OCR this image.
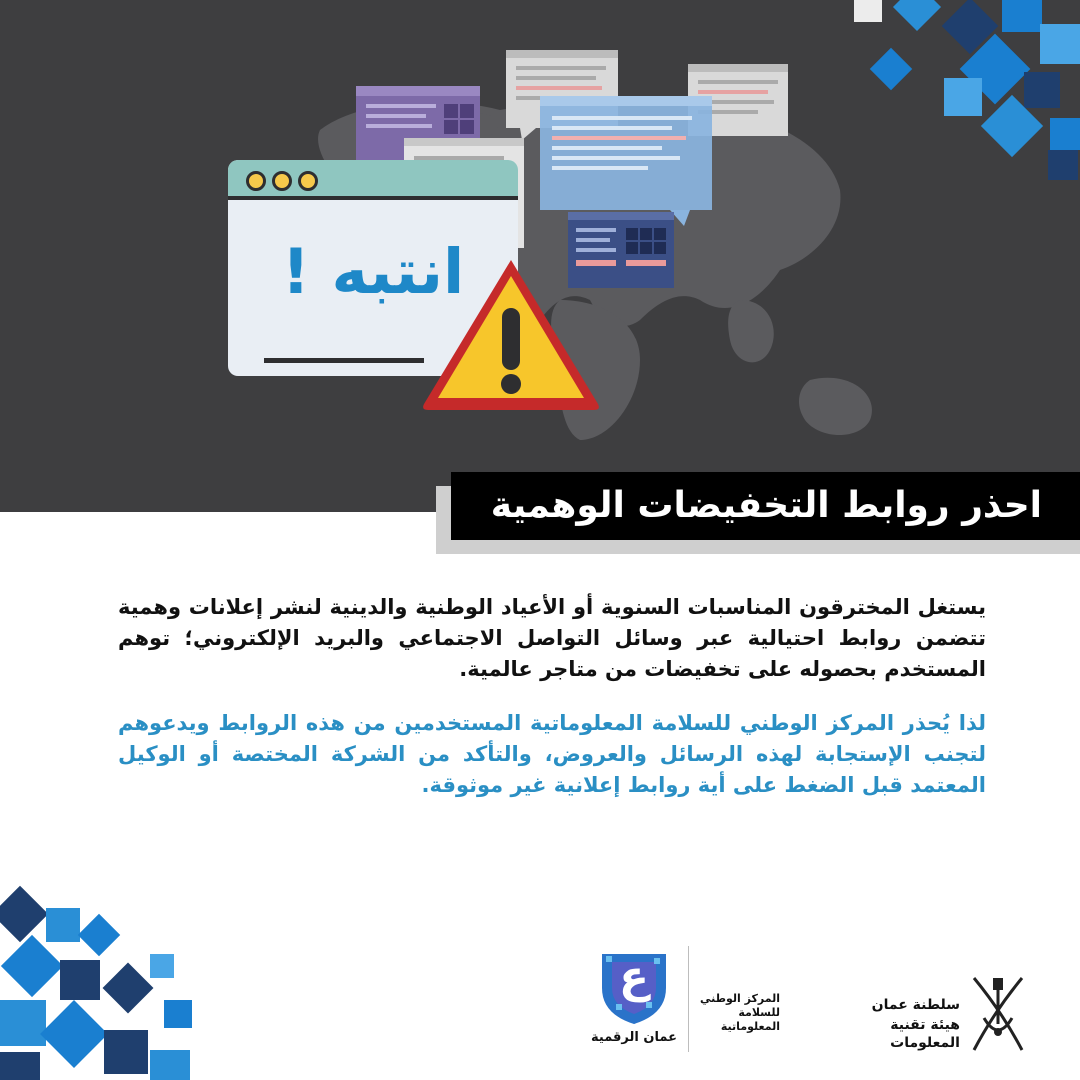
انتبه !
احذر روابط التخفيضات الوهمية
يستغل المخترقون المناسبات السنوية أو الأعياد الوطنية والدينية لنشر إعلانات وهمية تتضمن روابط احتيالية عبر وسائل التواصل الاجتماعي والبريد الإلكتروني؛ توهم المستخدم بحصوله على تخفيضات من متاجر عالمية.
لذا يُحذر المركز الوطني للسلامة المعلوماتية المستخدمين من هذه الروابط ويدعوهم لتجنب الإستجابة لهذه الرسائل والعروض، والتأكد من الشركة المختصة أو الوكيل المعتمد قبل الضغط على أية روابط إعلانية غير موثوقة.
ع
عمان الرقمية
المركز الوطني
للسلامة المعلوماتية
سلطنة عمان
هيئة تقنية المعلومات
